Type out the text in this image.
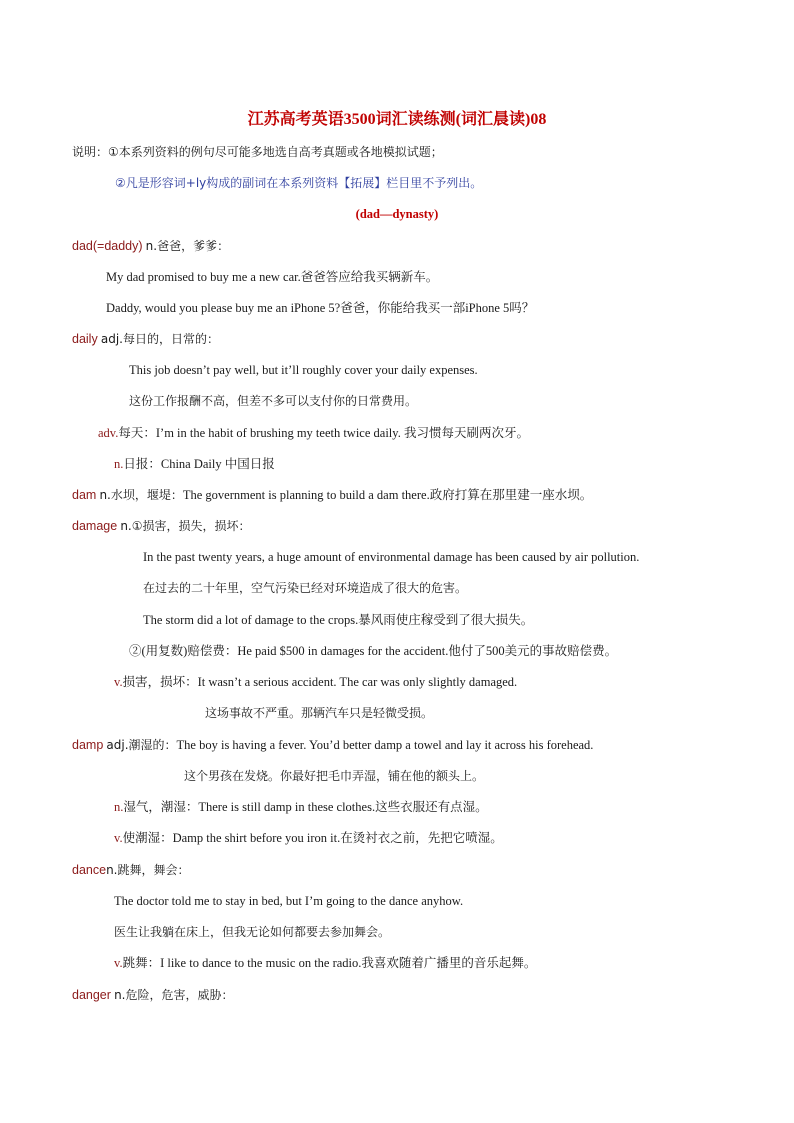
江苏高考英语3500词汇读练测(词汇晨读)08
说明：①本系列资料的例句尽可能多地选自高考真题或各地模拟试题；
②凡是形容词+ly构成的副词在本系列资料【拓展】栏目里不予列出。
(dad—dynasty)
dad(=daddy) n.爸爸，爹爹：
My dad promised to buy me a new car.爸爸答应给我买辆新车。
Daddy, would you please buy me an iPhone 5?爸爸，你能给我买一部iPhone 5吗？
daily adj.每日的，日常的：
This job doesn’t pay well, but it’ll roughly cover your daily expenses.
这份工作报酬不高，但差不多可以支付你的日常费用。
adv.每天：I’m in the habit of brushing my teeth twice daily. 我习惯每天刷两次牙。
n.日报：China Daily 中国日报
dam n.水坝，堰堤：The government is planning to build a dam there.政府打算在那里建一座水坝。
damage n.①损害，损失，损坏：
In the past twenty years, a huge amount of environmental damage has been caused by air pollution.
在过去的二十年里，空气污染已经对环境造成了很大的危害。
The storm did a lot of damage to the crops.暴风雨使庄稼受到了很大损失。
②(用复数)赔偿费：He paid $500 in damages for the accident.他付了500美元的事故赔偿费。
v.损害，损坏：It wasn’t a serious accident. The car was only slightly damaged.
这场事故不严重。那辆汽车只是轻微受损。
damp adj.潮湿的：The boy is having a fever. You’d better damp a towel and lay it across his forehead.
这个男孩在发烧。你最好把毛巾弄湿，铺在他的额头上。
n.湿气，潮湿：There is still damp in these clothes.这些衣服还有点湿。
v.使潮湿：Damp the shirt before you iron it.在烫衬衣之前，先把它喷湿。
dancen.跳舞，舞会：
The doctor told me to stay in bed, but I’m going to the dance anyhow.
医生让我躺在床上，但我无论如何都要去参加舞会。
v.跳舞：I like to dance to the music on the radio.我喜欢随着广播里的音乐起舞。
danger n.危险，危害，威胁：
